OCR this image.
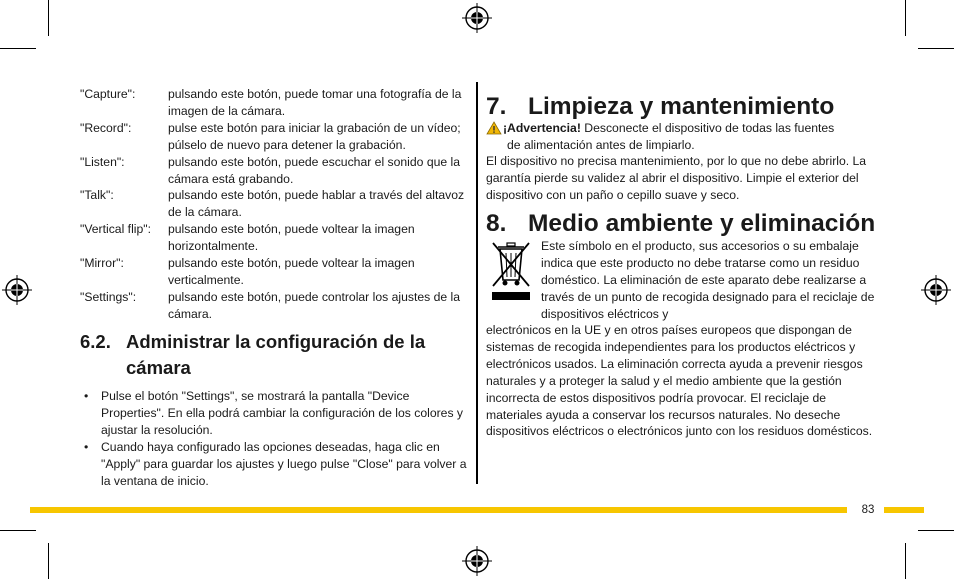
"Capture":	pulsando este botón, puede tomar una fotografía de la imagen de la cámara.
"Record":	pulse este botón para iniciar la grabación de un vídeo; púlselo de nuevo para detener la grabación.
"Listen":	pulsando este botón, puede escuchar el sonido que la cámara está grabando.
"Talk":	pulsando este botón, puede hablar a través del altavoz de la cámara.
"Vertical flip":	pulsando este botón, puede voltear la imagen horizontalmente.
"Mirror":	pulsando este botón, puede voltear la imagen verticalmente.
"Settings":	pulsando este botón, puede controlar los ajustes de la cámara.
6.2. Administrar la configuración de la cámara
•	Pulse el botón "Settings", se mostrará la pantalla "Device Properties". En ella podrá cambiar la configuración de los colores y ajustar la resolución.
•	Cuando haya configurado las opciones deseadas, haga clic en "Apply" para guardar los ajustes y luego pulse "Close" para volver a la ventana de inicio.
7. Limpieza y mantenimiento
¡Advertencia! Desconecte el dispositivo de todas las fuentes
de alimentación antes de limpiarlo.
El dispositivo no precisa mantenimiento, por lo que no debe abrirlo. La garantía pierde su validez al abrir el dispositivo. Limpie el exterior del dispositivo con un paño o cepillo suave y seco.
8. Medio ambiente y eliminación
Este símbolo en el producto, sus accesorios o su embalaje indica que este producto no debe tratarse como un residuo doméstico. La eliminación de este aparato debe realizarse a través de un punto de recogida designado para el reciclaje de dispositivos eléctricos y
electrónicos en la UE y en otros países europeos que dispongan de sistemas de recogida independientes para los productos eléctricos y electrónicos usados. La eliminación correcta ayuda a prevenir riesgos naturales y a proteger la salud y el medio ambiente que la gestión incorrecta de estos dispositivos podría provocar. El reciclaje de materiales ayuda a conservar los recursos naturales. No deseche dispositivos eléctricos o electrónicos junto con los residuos domésticos.
83
